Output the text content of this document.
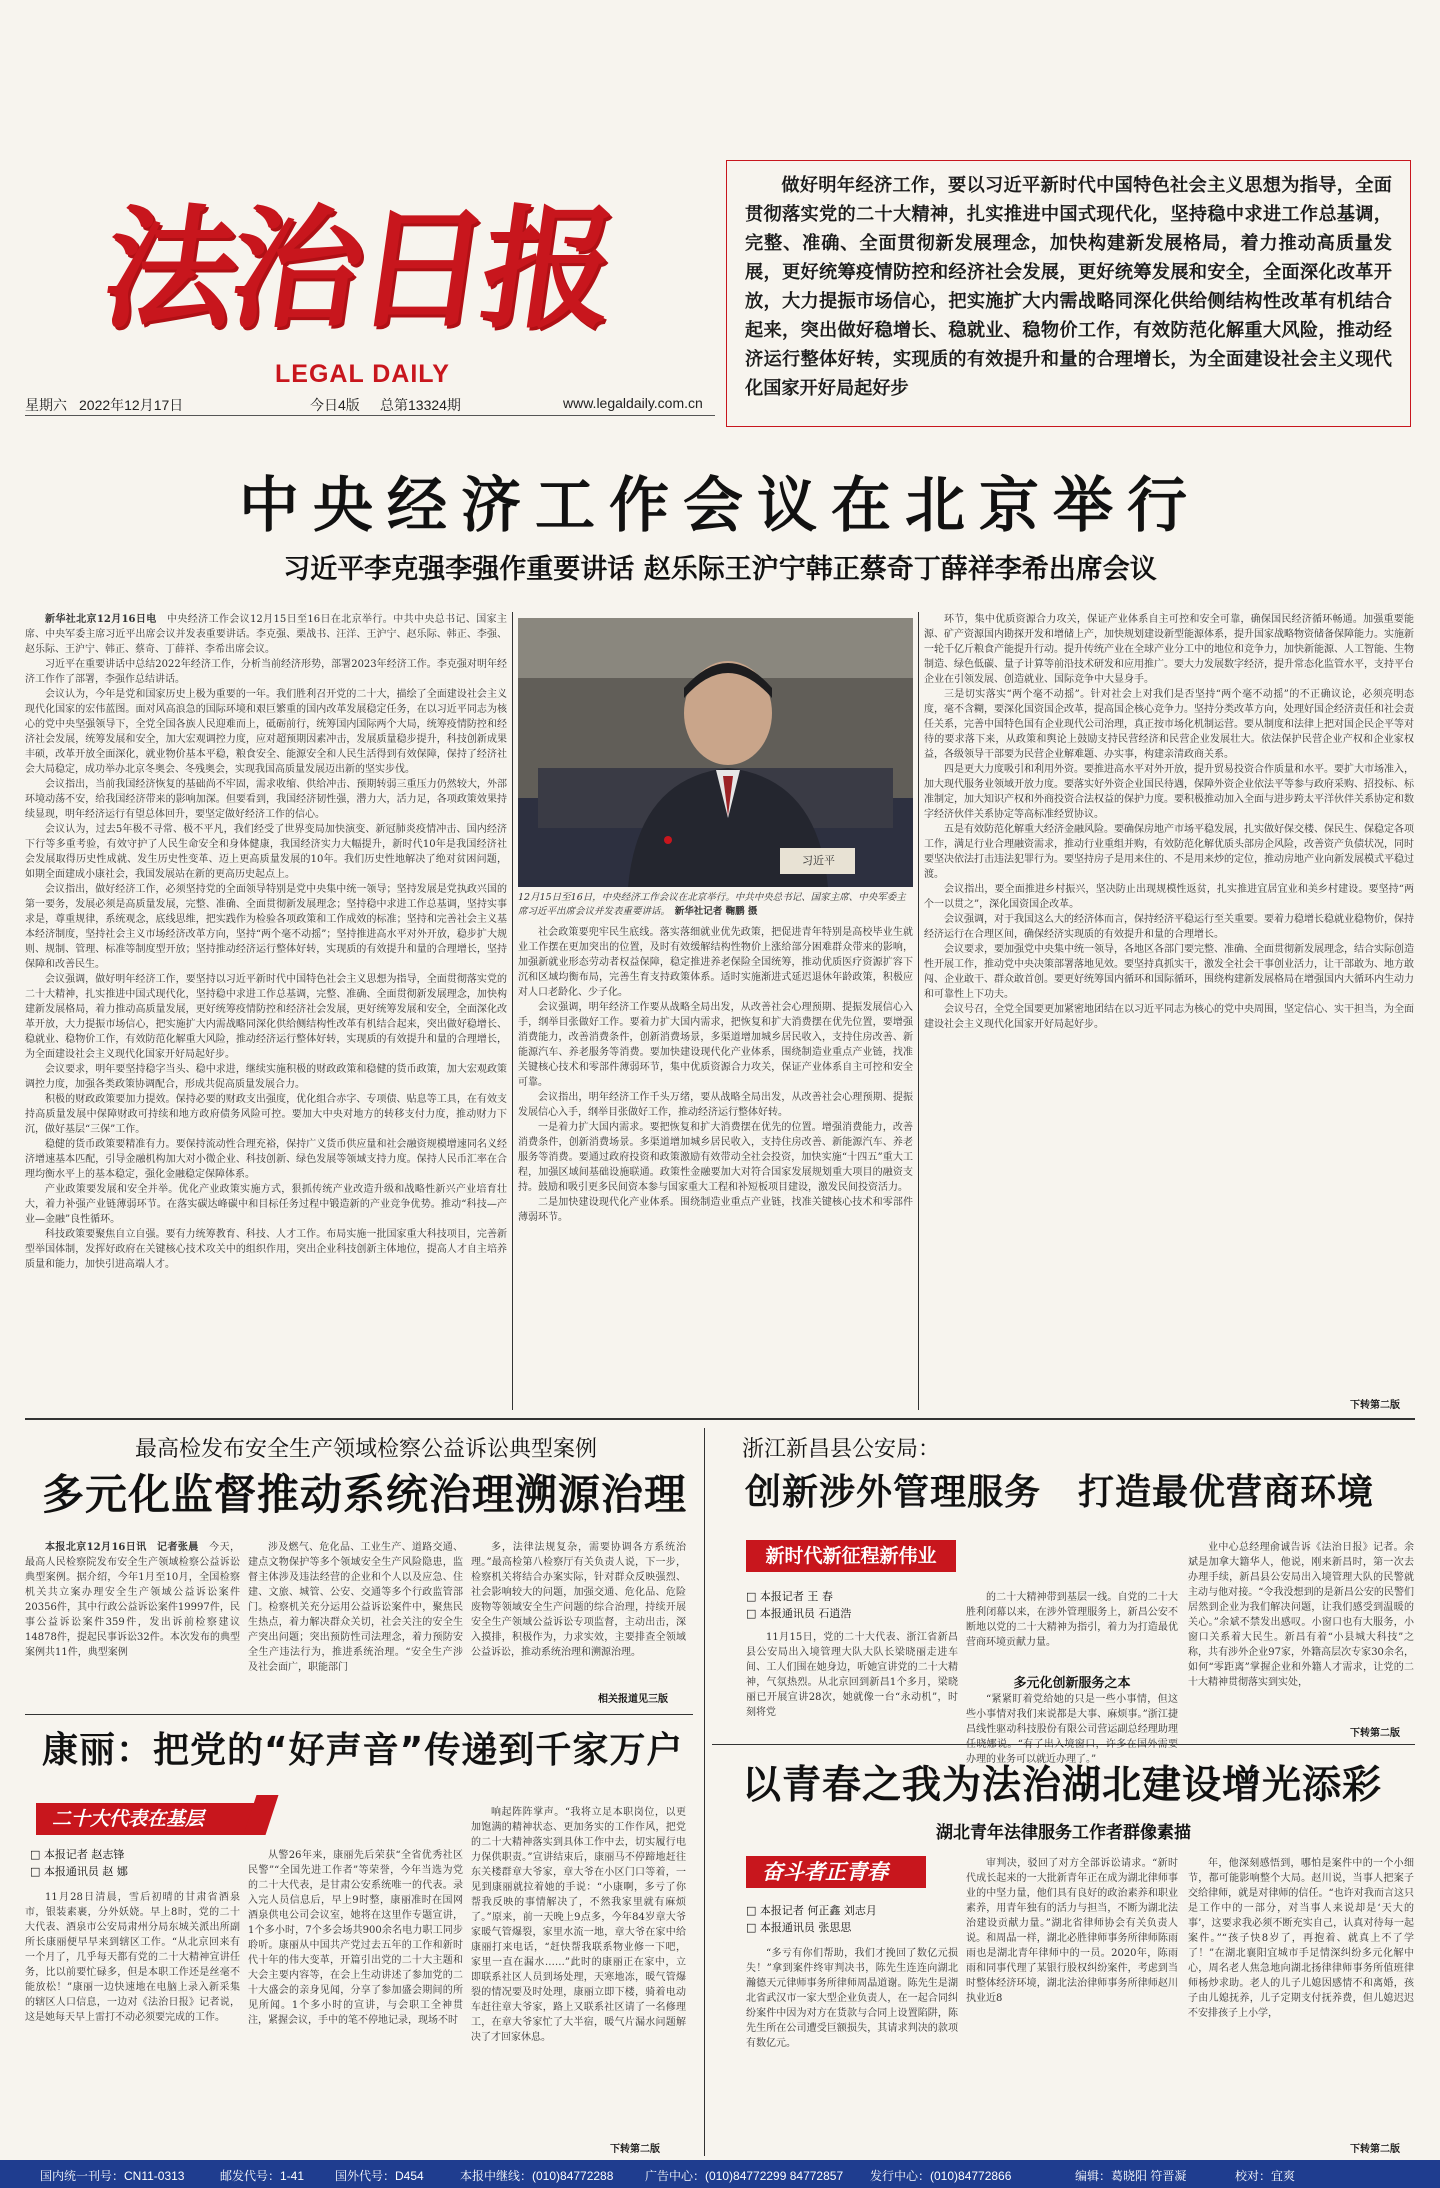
法治日报
LEGAL DAILY
星期六 2022年12月17日	今日4版 总第13324期	www.legaldaily.com.cn
做好明年经济工作，要以习近平新时代中国特色社会主义思想为指导，全面贯彻落实党的二十大精神，扎实推进中国式现代化，坚持稳中求进工作总基调，完整、准确、全面贯彻新发展理念，加快构建新发展格局，着力推动高质量发展，更好统筹疫情防控和经济社会发展，更好统筹发展和安全，全面深化改革开放，大力提振市场信心，把实施扩大内需战略同深化供给侧结构性改革有机结合起来，突出做好稳增长、稳就业、稳物价工作，有效防范化解重大风险，推动经济运行整体好转，实现质的有效提升和量的合理增长，为全面建设社会主义现代化国家开好局起好步
中央经济工作会议在北京举行
习近平李克强李强作重要讲话 赵乐际王沪宁韩正蔡奇丁薛祥李希出席会议

新华社北京12月16日电　 中央经济工作会议12月15日至16日在北京举行。中共中央总书记、国家主席、中央军委主席习近平出席会议并发表重要讲话。李克强、栗战书、汪洋、王沪宁、赵乐际、韩正、李强、赵乐际、王沪宁、韩正、蔡奇、丁薛祥、李希出席会议。

习近平在重要讲话中总结2022年经济工作，分析当前经济形势，部署2023年经济工作。李克强对明年经济工作作了部署，李强作总结讲话。

会议认为，今年是党和国家历史上极为重要的一年。我们胜利召开党的二十大，描绘了全面建设社会主义现代化国家的宏伟蓝图。面对风高浪急的国际环境和艰巨繁重的国内改革发展稳定任务，在以习近平同志为核心的党中央坚强领导下，全党全国各族人民迎难而上，砥砺前行，统筹国内国际两个大局，统筹疫情防控和经济社会发展，统筹发展和安全，加大宏观调控力度，应对超预期因素冲击，发展质量稳步提升，科技创新成果丰硕，改革开放全面深化，就业物价基本平稳，粮食安全、能源安全和人民生活得到有效保障，保持了经济社会大局稳定，成功举办北京冬奥会、冬残奥会，实现我国高质量发展迈出新的坚实步伐。

会议指出，当前我国经济恢复的基础尚不牢固，需求收缩、供给冲击、预期转弱三重压力仍然较大，外部环境动荡不安，给我国经济带来的影响加深。但要看到，我国经济韧性强，潜力大，活力足，各项政策效果持续显现，明年经济运行有望总体回升，要坚定做好经济工作的信心。

会议认为，过去5年极不寻常、极不平凡，我们经受了世界变局加快演变、新冠肺炎疫情冲击、国内经济下行等多重考验，有效守护了人民生命安全和身体健康，我国经济实力大幅提升，新时代10年是我国经济社会发展取得历史性成就、发生历史性变革、迈上更高质量发展的10年。我们历史性地解决了绝对贫困问题，如期全面建成小康社会，我国发展站在新的更高历史起点上。

会议指出，做好经济工作，必须坚持党的全面领导特别是党中央集中统一领导；坚持发展是党执政兴国的第一要务，发展必须是高质量发展，完整、准确、全面贯彻新发展理念；坚持稳中求进工作总基调，坚持实事求是，尊重规律，系统观念，底线思维，把实践作为检验各项政策和工作成效的标准；坚持和完善社会主义基本经济制度，坚持社会主义市场经济改革方向，坚持“两个毫不动摇”；坚持推进高水平对外开放，稳步扩大规则、规制、管理、标准等制度型开放；坚持推动经济运行整体好转，实现质的有效提升和量的合理增长，坚持保障和改善民生。

会议强调，做好明年经济工作，要坚持以习近平新时代中国特色社会主义思想为指导，全面贯彻落实党的二十大精神，扎实推进中国式现代化，坚持稳中求进工作总基调，完整、准确、全面贯彻新发展理念，加快构建新发展格局，着力推动高质量发展，更好统筹疫情防控和经济社会发展，更好统筹发展和安全，全面深化改革开放，大力提振市场信心，把实施扩大内需战略同深化供给侧结构性改革有机结合起来，突出做好稳增长、稳就业、稳物价工作，有效防范化解重大风险，推动经济运行整体好转，实现质的有效提升和量的合理增长，为全面建设社会主义现代化国家开好局起好步。

会议要求，明年要坚持稳字当头、稳中求进，继续实施积极的财政政策和稳健的货币政策，加大宏观政策调控力度，加强各类政策协调配合，形成共促高质量发展合力。

积极的财政政策要加力提效。保持必要的财政支出强度，优化组合赤字、专项债、贴息等工具，在有效支持高质量发展中保障财政可持续和地方政府债务风险可控。要加大中央对地方的转移支付力度，推动财力下沉，做好基层“三保”工作。

稳健的货币政策要精准有力。要保持流动性合理充裕，保持广义货币供应量和社会融资规模增速同名义经济增速基本匹配，引导金融机构加大对小微企业、科技创新、绿色发展等领域支持力度。保持人民币汇率在合理均衡水平上的基本稳定，强化金融稳定保障体系。

产业政策要发展和安全并举。优化产业政策实施方式，狠抓传统产业改造升级和战略性新兴产业培育壮大，着力补强产业链薄弱环节。在落实碳达峰碳中和目标任务过程中锻造新的产业竞争优势。推动“科技—产业—金融”良性循环。

科技政策要聚焦自立自强。要有力统筹教育、科技、人才工作。布局实施一批国家重大科技项目，完善新型举国体制，发挥好政府在关键核心技术攻关中的组织作用，突出企业科技创新主体地位，提高人才自主培养质量和能力，加快引进高端人才。

习近平
12月15日至16日，中央经济工作会议在北京举行。中共中央总书记、国家主席、中央军委主席习近平出席会议并发表重要讲话。　 新华社记者 鞠鹏 摄

社会政策要兜牢民生底线。落实落细就业优先政策，把促进青年特别是高校毕业生就业工作摆在更加突出的位置，及时有效缓解结构性物价上涨给部分困难群众带来的影响，加强新就业形态劳动者权益保障，稳定推进养老保险全国统筹，推动优质医疗资源扩容下沉和区域均衡布局，完善生育支持政策体系。适时实施渐进式延迟退休年龄政策，积极应对人口老龄化、少子化。

会议强调，明年经济工作要从战略全局出发，从改善社会心理预期、提振发展信心入手，纲举目张做好工作。要着力扩大国内需求，把恢复和扩大消费摆在优先位置，要增强消费能力，改善消费条件，创新消费场景，多渠道增加城乡居民收入，支持住房改善、新能源汽车、养老服务等消费。要加快建设现代化产业体系，围绕制造业重点产业链，找准关键核心技术和零部件薄弱环节，集中优质资源合力攻关，保证产业体系自主可控和安全可靠。

会议指出，明年经济工作千头万绪，要从战略全局出发，从改善社会心理预期、提振发展信心入手，纲举目张做好工作，推动经济运行整体好转。

一是着力扩大国内需求。要把恢复和扩大消费摆在优先的位置。增强消费能力，改善消费条件，创新消费场景。多渠道增加城乡居民收入，支持住房改善、新能源汽车、养老服务等消费。要通过政府投资和政策激励有效带动全社会投资，加快实施“十四五”重大工程，加强区域间基础设施联通。政策性金融要加大对符合国家发展规划重大项目的融资支持。鼓励和吸引更多民间资本参与国家重大工程和补短板项目建设，激发民间投资活力。

二是加快建设现代化产业体系。围绕制造业重点产业链，找准关键核心技术和零部件薄弱环节。

环节，集中优质资源合力攻关，保证产业体系自主可控和安全可靠，确保国民经济循环畅通。加强重要能源、矿产资源国内勘探开发和增储上产，加快规划建设新型能源体系，提升国家战略物资储备保障能力。实施新一轮千亿斤粮食产能提升行动。提升传统产业在全球产业分工中的地位和竞争力，加快新能源、人工智能、生物制造、绿色低碳、量子计算等前沿技术研发和应用推广。要大力发展数字经济，提升常态化监管水平，支持平台企业在引领发展、创造就业、国际竞争中大显身手。

三是切实落实“两个毫不动摇”。针对社会上对我们是否坚持“两个毫不动摇”的不正确议论，必须亮明态度，毫不含糊，要深化国资国企改革，提高国企核心竞争力。坚持分类改革方向，处理好国企经济责任和社会责任关系，完善中国特色国有企业现代公司治理，真正按市场化机制运营。要从制度和法律上把对国企民企平等对待的要求落下来，从政策和舆论上鼓励支持民营经济和民营企业发展壮大。依法保护民营企业产权和企业家权益，各级领导干部要为民营企业解难题、办实事，构建亲清政商关系。

四是更大力度吸引和利用外资。要推进高水平对外开放，提升贸易投资合作质量和水平。要扩大市场准入，加大现代服务业领域开放力度。要落实好外资企业国民待遇，保障外资企业依法平等参与政府采购、招投标、标准制定，加大知识产权和外商投资合法权益的保护力度。要积极推动加入全面与进步跨太平洋伙伴关系协定和数字经济伙伴关系协定等高标准经贸协议。

五是有效防范化解重大经济金融风险。要确保房地产市场平稳发展，扎实做好保交楼、保民生、保稳定各项工作，满足行业合理融资需求，推动行业重组并购，有效防范化解优质头部房企风险，改善资产负债状况，同时要坚决依法打击违法犯罪行为。要坚持房子是用来住的、不是用来炒的定位，推动房地产业向新发展模式平稳过渡。

会议指出，要全面推进乡村振兴，坚决防止出现规模性返贫，扎实推进宜居宜业和美乡村建设。要坚持“两个一以贯之”，深化国资国企改革。

会议强调，对于我国这么大的经济体而言，保持经济平稳运行至关重要。要着力稳增长稳就业稳物价，保持经济运行在合理区间，确保经济实现质的有效提升和量的合理增长。

会议要求，要加强党中央集中统一领导，各地区各部门要完整、准确、全面贯彻新发展理念，结合实际创造性开展工作，推动党中央决策部署落地见效。要坚持真抓实干，激发全社会干事创业活力，让干部敢为、地方敢闯、企业敢干、群众敢首创。要更好统筹国内循环和国际循环，围绕构建新发展格局在增强国内大循环内生动力和可靠性上下功夫。

会议号召，全党全国要更加紧密地团结在以习近平同志为核心的党中央周围，坚定信心、实干担当，为全面建设社会主义现代化国家开好局起好步。

下转第二版
最高检发布安全生产领域检察公益诉讼典型案例
多元化监督推动系统治理溯源治理

本报北京12月16日讯　 记者张晨　 今天，最高人民检察院发布安全生产领域检察公益诉讼典型案例。据介绍，今年1月至10月，全国检察机关共立案办理安全生产领域公益诉讼案件20356件，其中行政公益诉讼案件19997件，民事公益诉讼案件359件，发出诉前检察建议14878件，提起民事诉讼32件。本次发布的典型案例共11件，典型案例

涉及燃气、危化品、工业生产、道路交通、建点文物保护等多个领域安全生产风险隐患，监督主体涉及违法经营的企业和个人以及应急、住建、文旅、城管、公安、交通等多个行政监管部门。检察机关充分运用公益诉讼案件中，聚焦民生热点，着力解决群众关切，社会关注的安全生产突出问题；突出预防性司法理念，着力预防安全生产违法行为，推进系统治理。“安全生产涉及社会面广，职能部门

多，法律法规复杂，需要协调各方系统治理。”最高检第八检察厅有关负责人说，下一步，检察机关将结合办案实际，针对群众反映强烈、社会影响较大的问题，加强交通、危化品、危险废物等领域安全生产问题的综合治理，持续开展安全生产领域公益诉讼专项监督，主动出击，深入摸排，积极作为，力求实效，主要排查全领域公益诉讼，推动系统治理和溯源治理。

相关报道见三版
康丽：把党的“好声音”传递到千家万户
二十大代表在基层
□ 本报记者 赵志锋
□ 本报通讯员 赵 娜

11月28日清晨，雪后初晴的甘肃省酒泉市，银装素裹，分外妖娆。早上8时，党的二十大代表、酒泉市公安局肃州分局东城关派出所副所长康丽便早早来到辖区工作。“从北京回来有一个月了，几乎每天都有党的二十大精神宣讲任务，比以前要忙碌多，但是本职工作还是丝毫不能放松！”康丽一边快速地在电脑上录入新采集的辖区人口信息，一边对《法治日报》记者说，这是她每天早上雷打不动必须要完成的工作。

从警26年来，康丽先后荣获“全省优秀社区民警”“全国先进工作者”等荣誉，今年当选为党的二十大代表，是甘肃公安系统唯一的代表。录入完人员信息后，早上9时整，康丽准时在国网酒泉供电公司会议室，她将在这里作专题宣讲，1个多小时，7个多会场共900余名电力职工同步聆听。康丽从中国共产党过去五年的工作和新时代十年的伟大变革，开篇引出党的二十大主题和大会主要内容等，在会上生动讲述了参加党的二十大盛会的亲身见闻，分享了参加盛会期间的所见所闻。1个多小时的宣讲，与会职工全神贯注，紧握会议，手中的笔不停地记录，现场不时

响起阵阵掌声。“我将立足本职岗位，以更加饱满的精神状态、更加务实的工作作风，把党的二十大精神落实到具体工作中去，切实履行电力保供职责。”宣讲结束后，康丽马不停蹄地赶往东关楼群章大爷家，章大爷在小区门口等着，一见到康丽就拉着她的手说：“小康啊，多亏了你帮我反映的事情解决了，不然我家里就有麻烦了。”原来，前一天晚上9点多，今年84岁章大爷家暖气管爆裂，家里水流一地，章大爷在家中给康丽打来电话，“赶快帮我联系物业修一下吧，家里一直在漏水……”此时的康丽正在家中，立即联系社区人员到场处理，天寒地冻，暖气管爆裂的情况要及时处理，康丽立即下楼，骑着电动车赶往章大爷家，路上又联系社区请了一名修理工，在章大爷家忙了大半宿，暖气片漏水问题解决了才回家休息。

下转第二版
浙江新昌县公安局：
创新涉外管理服务　打造最优营商环境
新时代新征程新伟业
□ 本报记者 王 春
□ 本报通讯员 石逍浩

11月15日，党的二十大代表、浙江省新昌县公安局出入境管理大队大队长梁晓丽走进车间、工人们围在她身边，听她宣讲党的二十大精神，气氛热烈。从北京回到新昌1个多月，梁晓丽已开展宣讲28次，她就像一台“永动机”，时刻将党

的二十大精神带到基层一线。自党的二十大胜利闭幕以来，在涉外管理服务上，新昌公安不断地以党的二十大精神为指引，着力为打造最优营商环境贡献力量。

多元化创新服务之本

“紧紧盯着党给她的只是一些小事情，但这些小事情对我们来说都是大事、麻烦事。”浙江捷昌线性驱动科技股份有限公司营运副总经理助理 办理的业务可以就近办理了。”

业中心总经理俞诚告诉《法治日报》记者。余斌是加拿大籍华人，他说，刚来新昌时，第一次去办理手续，新昌县公安局出入境管理大队的民警就主动与他对接。“令我没想到的是新昌公安的民警们居然到企业为我们解决问题，让我们感受到温暖的关心。”余斌不禁发出感叹。小窗口也有大服务，小窗口关系着大民生。新昌有着“小县城大科技”之称，共有涉外企业97家，外籍高层次专家30余名，如何“零距离”掌握企业和外籍人才需求，让党的二十大精神贯彻落实到实处，

下转第二版
以青春之我为法治湖北建设增光添彩
湖北青年法律服务工作者群像素描
奋斗者正青春
□ 本报记者 何正鑫 刘志月
□ 本报通讯员 张思思

“多亏有你们帮助，我们才挽回了数亿元损失！”拿到案件终审判决书，陈先生连连向湖北瀚德天元律师事务所律师周晶道谢。陈先生是湖北省武汉市一家大型企业负责人，在一起合同纠纷案件中因为对方在货款与合同上设置陷阱，陈先生所在公司遭受巨额损失，其请求判决的款项有数亿元。

审判决，驳回了对方全部诉讼请求。“新时代成长起来的一大批新青年正在成为湖北律师事业的中坚力量，他们具有良好的政治素养和职业素养，用青年独有的活力与担当，不断为湖北法治建设贡献力量。”湖北省律师协会有关负责人说。和周晶一样，湖北必胜律师事务所律师陈雨雨也是湖北青年律师中的一员。2020年，陈雨雨和同事代理了某银行股权纠纷案件，考虑到当时整体经济环境，湖北法治律师事务所律师赵川执业近8

年，他深刻感悟到，哪怕是案件中的一个小细节，都可能影响整个大局。赵川说，当事人把案子交给律师，就是对律师的信任。“也许对我而言这只是工作中的一部分，对当事人来说却是‘天大的事’，这要求我必须不断充实自己，认真对待每一起案件。”“孩子快8岁了，再抱着、就真上不了学了！”在湖北襄阳宜城市手足情深纠纷多元化解中心，周名老人焦急地向湖北扬律律师事务所值班律师杨炒求助。老人的儿子儿媳因感情不和离婚，孩子由儿媳抚养，儿子定期支付抚养费，但儿媳迟迟不安排孩子上小学，

下转第二版
国内统一刊号：CN11-0313	邮发代号：1-41	国外代号：D454	本报中继线：(010)84772288	广告中心：(010)84772299 84772857 发行中心：(010)84772866	编辑：葛晓阳 符晋凝	校对：宜爽
